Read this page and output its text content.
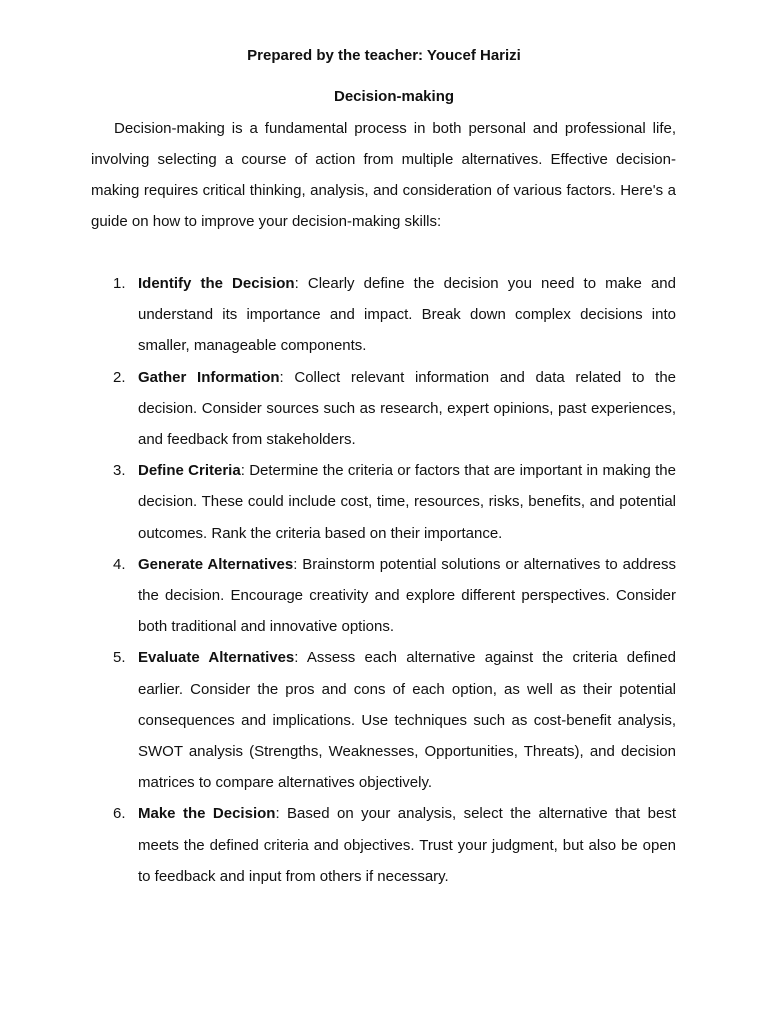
Prepared by the teacher: Youcef Harizi
Decision-making

Decision-making is a fundamental process in both personal and professional life, involving selecting a course of action from multiple alternatives. Effective decision-making requires critical thinking, analysis, and consideration of various factors. Here's a guide on how to improve your decision-making skills:

1. Identify the Decision: Clearly define the decision you need to make and understand its importance and impact. Break down complex decisions into smaller, manageable components.
2. Gather Information: Collect relevant information and data related to the decision. Consider sources such as research, expert opinions, past experiences, and feedback from stakeholders.
3. Define Criteria: Determine the criteria or factors that are important in making the decision. These could include cost, time, resources, risks, benefits, and potential outcomes. Rank the criteria based on their importance.
4. Generate Alternatives: Brainstorm potential solutions or alternatives to address the decision. Encourage creativity and explore different perspectives. Consider both traditional and innovative options.
5. Evaluate Alternatives: Assess each alternative against the criteria defined earlier. Consider the pros and cons of each option, as well as their potential consequences and implications. Use techniques such as cost-benefit analysis, SWOT analysis (Strengths, Weaknesses, Opportunities, Threats), and decision matrices to compare alternatives objectively.
6. Make the Decision: Based on your analysis, select the alternative that best meets the defined criteria and objectives. Trust your judgment, but also be open to feedback and input from others if necessary.
